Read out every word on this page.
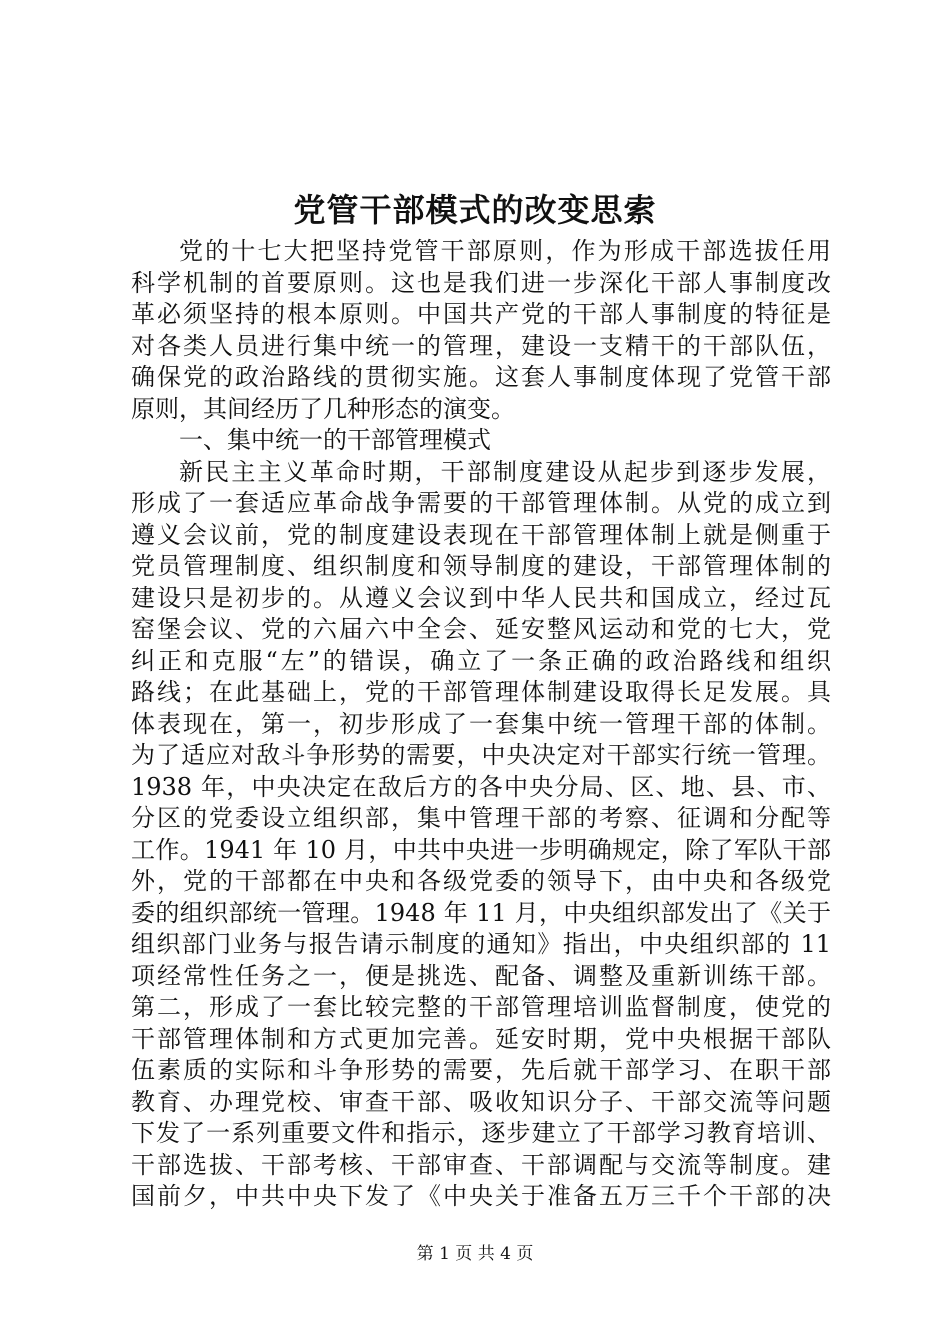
党管干部模式的改变思索
党的十七大把坚持党管干部原则，作为形成干部选拔任用
科学机制的首要原则。这也是我们进一步深化干部人事制度改
革必须坚持的根本原则。中国共产党的干部人事制度的特征是
对各类人员进行集中统一的管理，建设一支精干的干部队伍，
确保党的政治路线的贯彻实施。这套人事制度体现了党管干部
原则，其间经历了几种形态的演变。
一、集中统一的干部管理模式
新民主主义革命时期，干部制度建设从起步到逐步发展，
形成了一套适应革命战争需要的干部管理体制。从党的成立到
遵义会议前，党的制度建设表现在干部管理体制上就是侧重于
党员管理制度、组织制度和领导制度的建设，干部管理体制的
建设只是初步的。从遵义会议到中华人民共和国成立，经过瓦
窑堡会议、党的六届六中全会、延安整风运动和党的七大，党
纠正和克服“左”的错误，确立了一条正确的政治路线和组织
路线；在此基础上，党的干部管理体制建设取得长足发展。具
体表现在，第一，初步形成了一套集中统一管理干部的体制。
为了适应对敌斗争形势的需要，中央决定对干部实行统一管理。
1938 年，中央决定在敌后方的各中央分局、区、地、县、市、
分区的党委设立组织部，集中管理干部的考察、征调和分配等
工作。1941 年 10 月，中共中央进一步明确规定，除了军队干部
外，党的干部都在中央和各级党委的领导下，由中央和各级党
委的组织部统一管理。1948 年 11 月，中央组织部发出了《关于
组织部门业务与报告请示制度的通知》指出，中央组织部的 11
项经常性任务之一，便是挑选、配备、调整及重新训练干部。
第二，形成了一套比较完整的干部管理培训监督制度，使党的
干部管理体制和方式更加完善。延安时期，党中央根据干部队
伍素质的实际和斗争形势的需要，先后就干部学习、在职干部
教育、办理党校、审查干部、吸收知识分子、干部交流等问题
下发了一系列重要文件和指示，逐步建立了干部学习教育培训、
干部选拔、干部考核、干部审查、干部调配与交流等制度。建
国前夕，中共中央下发了《中央关于准备五万三千个干部的决
第 1 页 共 4 页
